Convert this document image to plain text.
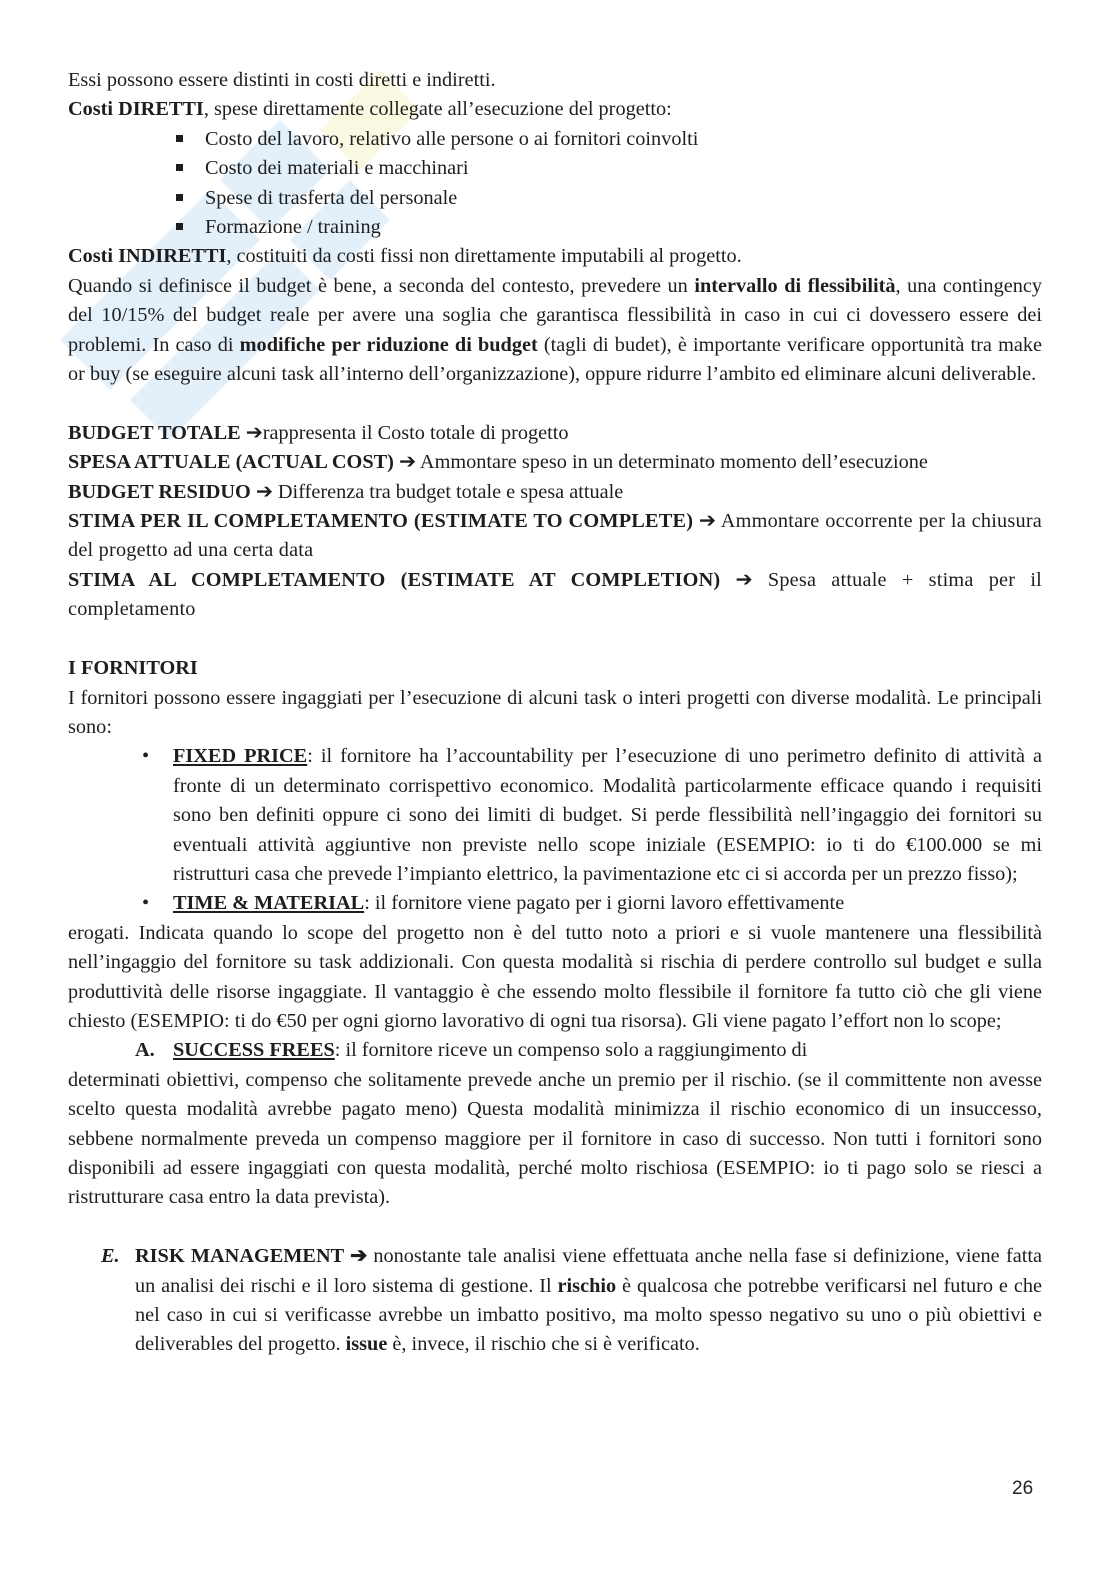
Essi possono essere distinti in costi diretti e indiretti.

Costi DIRETTI, spese direttamente collegate all’esecuzione del progetto:

Costo del lavoro, relativo alle persone o ai fornitori coinvolti
Costo dei materiali e macchinari
Spese di trasferta del personale
Formazione / training

Costi INDIRETTI, costituiti da costi fissi non direttamente imputabili al progetto.

Quando si definisce il budget è bene, a seconda del contesto, prevedere un intervallo di flessibilità, una contingency del 10/15% del budget reale per avere una soglia che garantisca flessibilità in caso in cui ci dovessero essere dei problemi. In caso di modifiche per riduzione di budget (tagli di budet), è importante verificare opportunità tra make or buy (se eseguire alcuni task all’interno dell’organizzazione), oppure ridurre l’ambito ed eliminare alcuni deliverable.

BUDGET TOTALE ➔rappresenta il Costo totale di progetto

SPESA ATTUALE (ACTUAL COST) ➔ Ammontare speso in un determinato momento dell’esecuzione

BUDGET RESIDUO ➔ Differenza tra budget totale e spesa attuale

STIMA PER IL COMPLETAMENTO (ESTIMATE TO COMPLETE) ➔ Ammontare occorrente per la chiusura del progetto ad una certa data

STIMA AL COMPLETAMENTO (ESTIMATE AT COMPLETION) ➔ Spesa attuale + stima per il completamento

I FORNITORI

I fornitori possono essere ingaggiati per l’esecuzione di alcuni task o interi progetti con diverse modalità. Le principali sono:

• FIXED PRICE: il fornitore ha l’accountability per l’esecuzione di uno perimetro definito di attività a fronte di un determinato corrispettivo economico. Modalità particolarmente efficace quando i requisiti sono ben definiti oppure ci sono dei limiti di budget. Si perde flessibilità nell’ingaggio dei fornitori su eventuali attività aggiuntive non previste nello scope iniziale (ESEMPIO: io ti do €100.000 se mi ristrutturi casa che prevede l’impianto elettrico, la pavimentazione etc ci si accorda per un prezzo fisso);

• TIME & MATERIAL: il fornitore viene pagato per i giorni lavoro effettivamente

erogati. Indicata quando lo scope del progetto non è del tutto noto a priori e si vuole mantenere una flessibilità nell’ingaggio del fornitore su task addizionali. Con questa modalità si rischia di perdere controllo sul budget e sulla produttività delle risorse ingaggiate. Il vantaggio è che essendo molto flessibile il fornitore fa tutto ciò che gli viene chiesto (ESEMPIO: ti do €50 per ogni giorno lavorativo di ogni tua risorsa). Gli viene pagato l’effort non lo scope;

A. SUCCESS FREES: il fornitore riceve un compenso solo a raggiungimento di

determinati obiettivi, compenso che solitamente prevede anche un premio per il rischio. (se il committente non avesse scelto questa modalità avrebbe pagato meno) Questa modalità minimizza il rischio economico di un insuccesso, sebbene normalmente preveda un compenso maggiore per il fornitore in caso di successo. Non tutti i fornitori sono disponibili ad essere ingaggiati con questa modalità, perché molto rischiosa (ESEMPIO: io ti pago solo se riesci a ristrutturare casa entro la data prevista).

E. RISK MANAGEMENT ➔ nonostante tale analisi viene effettuata anche nella fase si definizione, viene fatta un analisi dei rischi e il loro sistema di gestione. Il rischio è qualcosa che potrebbe verificarsi nel futuro e che nel caso in cui si verificasse avrebbe un imbatto positivo, ma molto spesso negativo su uno o più obiettivi e deliverables del progetto. issue è, invece, il rischio che si è verificato.

26
